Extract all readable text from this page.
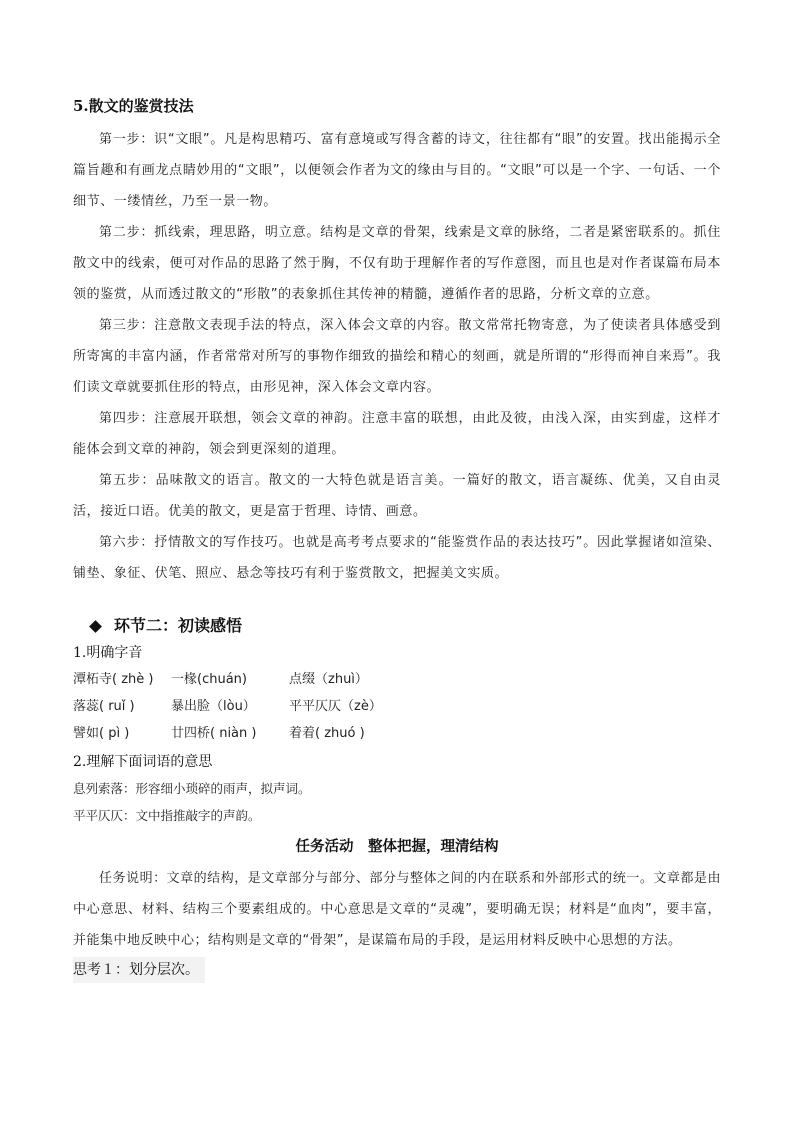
5.散文的鉴赏技法

第一步：识“文眼”。凡是构思精巧、富有意境或写得含蓄的诗文，往往都有“眼”的安置。找出能揭示全篇旨趣和有画龙点睛妙用的“文眼”，以便领会作者为文的缘由与目的。“文眼”可以是一个字、一句话、一个细节、一缕情丝，乃至一景一物。

第二步：抓线索，理思路，明立意。结构是文章的骨架，线索是文章的脉络，二者是紧密联系的。抓住散文中的线索，便可对作品的思路了然于胸，不仅有助于理解作者的写作意图，而且也是对作者谋篇布局本领的鉴赏，从而透过散文的“形散”的表象抓住其传神的精髓，遵循作者的思路，分析文章的立意。

第三步：注意散文表现手法的特点，深入体会文章的内容。散文常常托物寄意，为了使读者具体感受到所寄寓的丰富内涵，作者常常对所写的事物作细致的描绘和精心的刻画，就是所谓的“形得而神自来焉”。我们读文章就要抓住形的特点，由形见神，深入体会文章内容。

第四步：注意展开联想，领会文章的神韵。注意丰富的联想，由此及彼，由浅入深，由实到虚，这样才能体会到文章的神韵，领会到更深刻的道理。

第五步：品味散文的语言。散文的一大特色就是语言美。一篇好的散文，语言凝练、优美，又自由灵活，接近口语。优美的散文，更是富于哲理、诗情、画意。

第六步：抒情散文的写作技巧。也就是高考考点要求的“能鉴赏作品的表达技巧”。因此掌握诸如渲染、铺垫、象征、伏笔、照应、悬念等技巧有利于鉴赏散文，把握美文实质。

环节二：初读感悟
1.明确字音
潭柘寺( zhè )	一椽(chuán)	点缀（zhuì）
落蕊( ruǐ )	暴出脸（lòu）	平平仄仄（zè）
譬如( pì )	廿四桥( niàn )	着着( zhuó )
2.理解下面词语的意思

息列索落：形容细小琐碎的雨声，拟声词。

平平仄仄：文中指推敲字的声韵。

任务活动　整体把握，理清结构

任务说明：文章的结构，是文章部分与部分、部分与整体之间的内在联系和外部形式的统一。文章都是由中心意思、材料、结构三个要素组成的。中心意思是文章的“灵魂”，要明确无误；材料是“血肉”，要丰富，并能集中地反映中心；结构则是文章的“骨架”，是谋篇布局的手段，是运用材料反映中心思想的方法。

思考１：划分层次。
